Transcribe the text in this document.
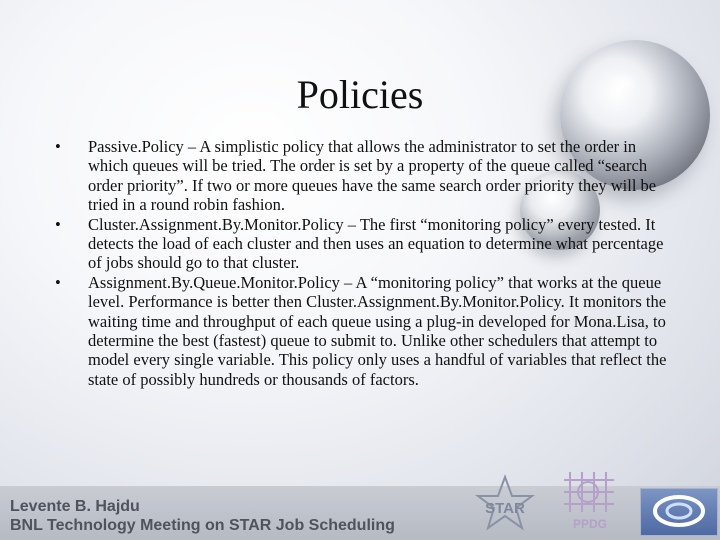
Policies
• Passive.Policy – A simplistic policy that allows the administrator to set the order in which queues will be tried. The order is set by a property of the queue called “search order priority”. If two or more queues have the same search order priority they will be tried in a round robin fashion.
• Cluster.Assignment.By.Monitor.Policy – The first “monitoring policy” every tested. It detects the load of each cluster and then uses an equation to determine what percentage of jobs should go to that cluster.
• Assignment.By.Queue.Monitor.Policy – A “monitoring policy” that works at the queue level. Performance is better then Cluster.Assignment.By.Monitor.Policy. It monitors the waiting time and throughput of each queue using a plug-in developed for Mona.Lisa, to determine the best (fastest) queue to submit to. Unlike other schedulers that attempt to model every single variable. This policy only uses a handful of variables that reflect the state of possibly hundreds or thousands of factors.
Levente B. Hajdu
BNL Technology Meeting on STAR Job Scheduling
STAR
PPDG
